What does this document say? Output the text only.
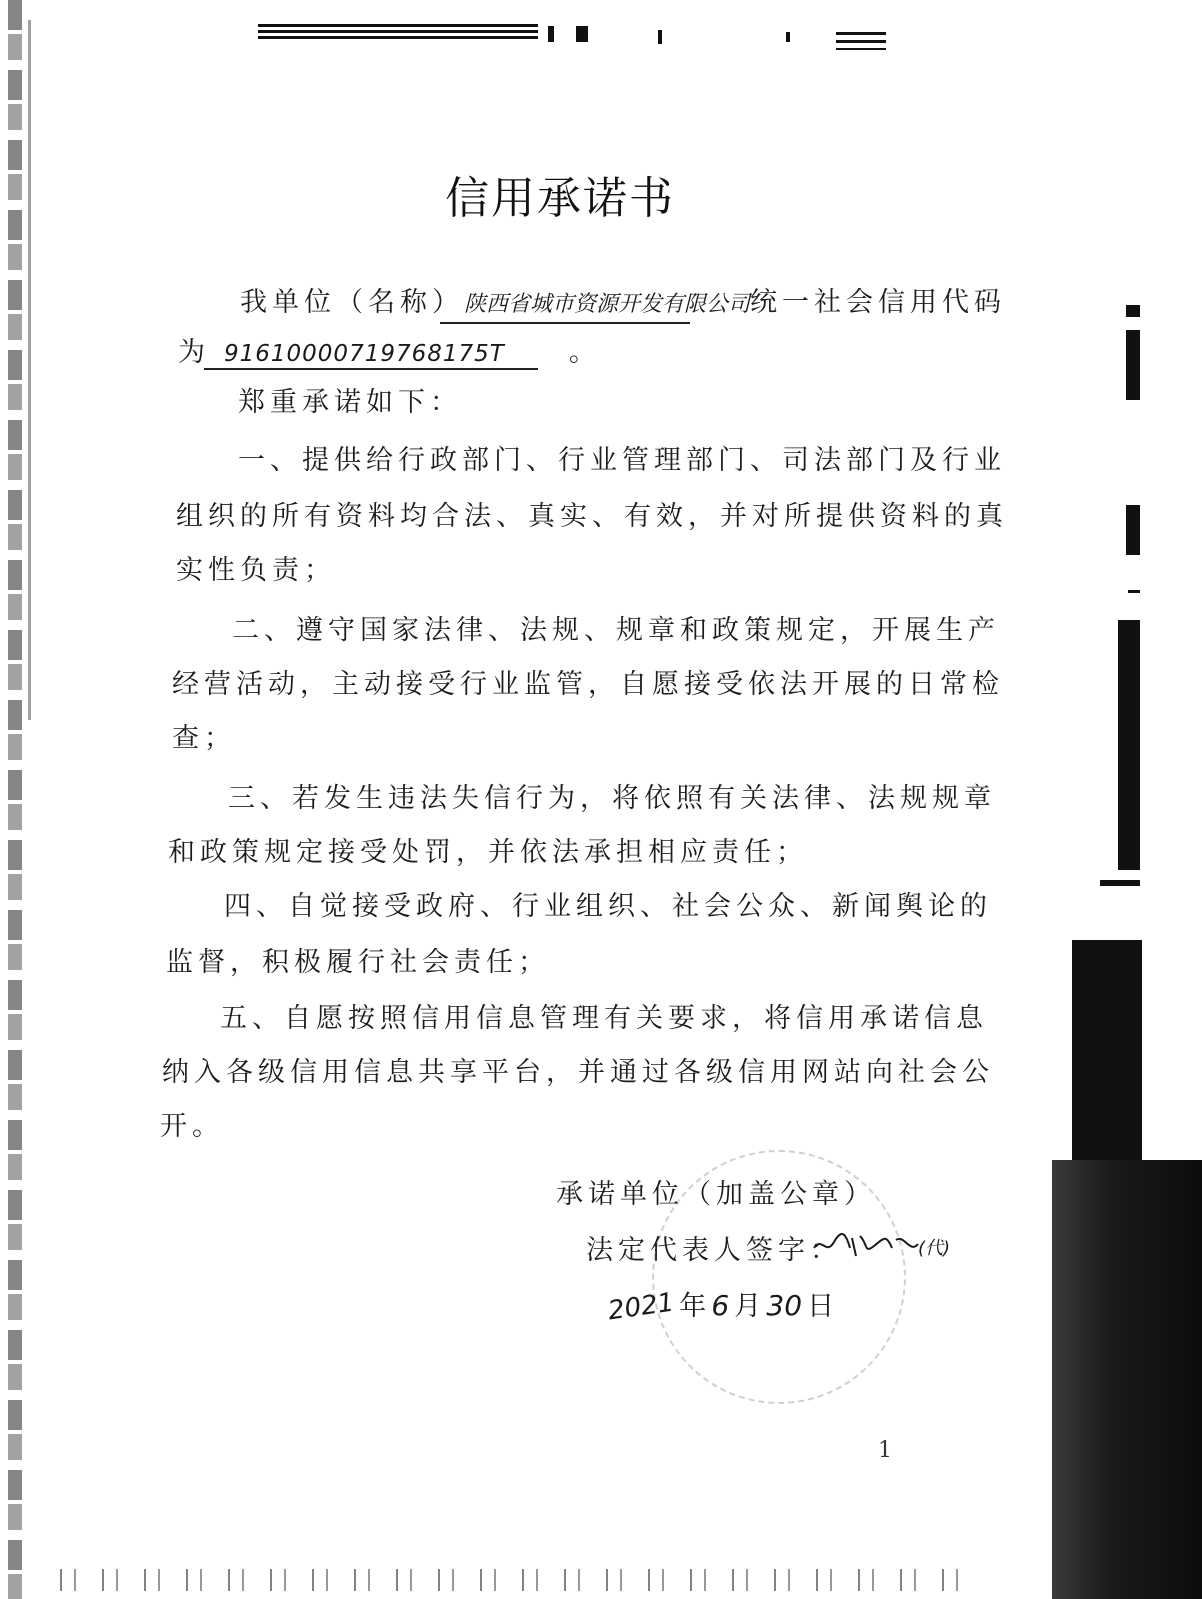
信用承诺书
我单位（名称）陕西省城市资源开发有限公司统一社会信用代码
为 91610000719768175T 。
郑重承诺如下：
一、提供给行政部门、行业管理部门、司法部门及行业
组织的所有资料均合法、真实、有效，并对所提供资料的真
实性负责；
二、遵守国家法律、法规、规章和政策规定，开展生产
经营活动，主动接受行业监管，自愿接受依法开展的日常检
查；
三、若发生违法失信行为，将依照有关法律、法规规章
和政策规定接受处罚，并依法承担相应责任；
四、自觉接受政府、行业组织、社会公众、新闻舆论的
监督，积极履行社会责任；
五、自愿按照信用信息管理有关要求，将信用承诺信息
纳入各级信用信息共享平台，并通过各级信用网站向社会公
开。
承诺单位（加盖公章）
法定代表人签字：	(代)
2021 年 6 月 30 日
1
